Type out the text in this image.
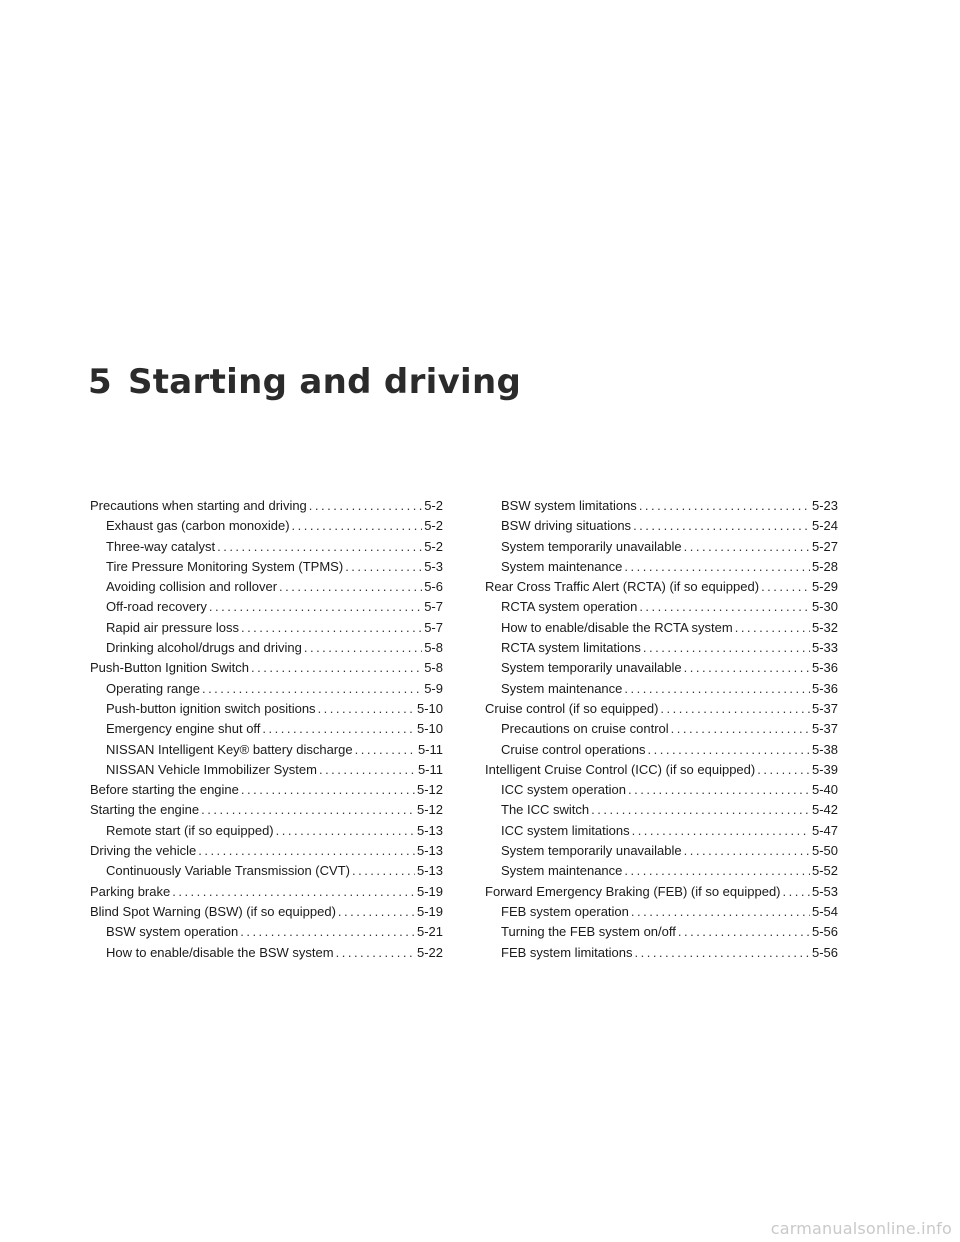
5 Starting and driving
Precautions when starting and driving .....	5-2
Exhaust gas (carbon monoxide) .....	5-2
Three-way catalyst .....	5-2
Tire Pressure Monitoring System (TPMS) .....	5-3
Avoiding collision and rollover .....	5-6
Off-road recovery .....	5-7
Rapid air pressure loss .....	5-7
Drinking alcohol/drugs and driving .....	5-8
Push-Button Ignition Switch .....	5-8
Operating range .....	5-9
Push-button ignition switch positions .....	5-10
Emergency engine shut off .....	5-10
NISSAN Intelligent Key® battery discharge .....	5-11
NISSAN Vehicle Immobilizer System .....	5-11
Before starting the engine .....	5-12
Starting the engine .....	5-12
Remote start (if so equipped) .....	5-13
Driving the vehicle .....	5-13
Continuously Variable Transmission (CVT) .....	5-13
Parking brake .....	5-19
Blind Spot Warning (BSW) (if so equipped) .....	5-19
BSW system operation .....	5-21
How to enable/disable the BSW system .....	5-22
BSW system limitations .....	5-23
BSW driving situations .....	5-24
System temporarily unavailable .....	5-27
System maintenance .....	5-28
Rear Cross Traffic Alert (RCTA) (if so equipped) .....	5-29
RCTA system operation .....	5-30
How to enable/disable the RCTA system .....	5-32
RCTA system limitations .....	5-33
System temporarily unavailable .....	5-36
System maintenance .....	5-36
Cruise control (if so equipped) .....	5-37
Precautions on cruise control .....	5-37
Cruise control operations .....	5-38
Intelligent Cruise Control (ICC) (if so equipped) .....	5-39
ICC system operation .....	5-40
The ICC switch .....	5-42
ICC system limitations .....	5-47
System temporarily unavailable .....	5-50
System maintenance .....	5-52
Forward Emergency Braking (FEB) (if so equipped) ..... 5-53
FEB system operation .....	5-54
Turning the FEB system on/off .....	5-56
FEB system limitations .....	5-56
carmanualsonline.info
